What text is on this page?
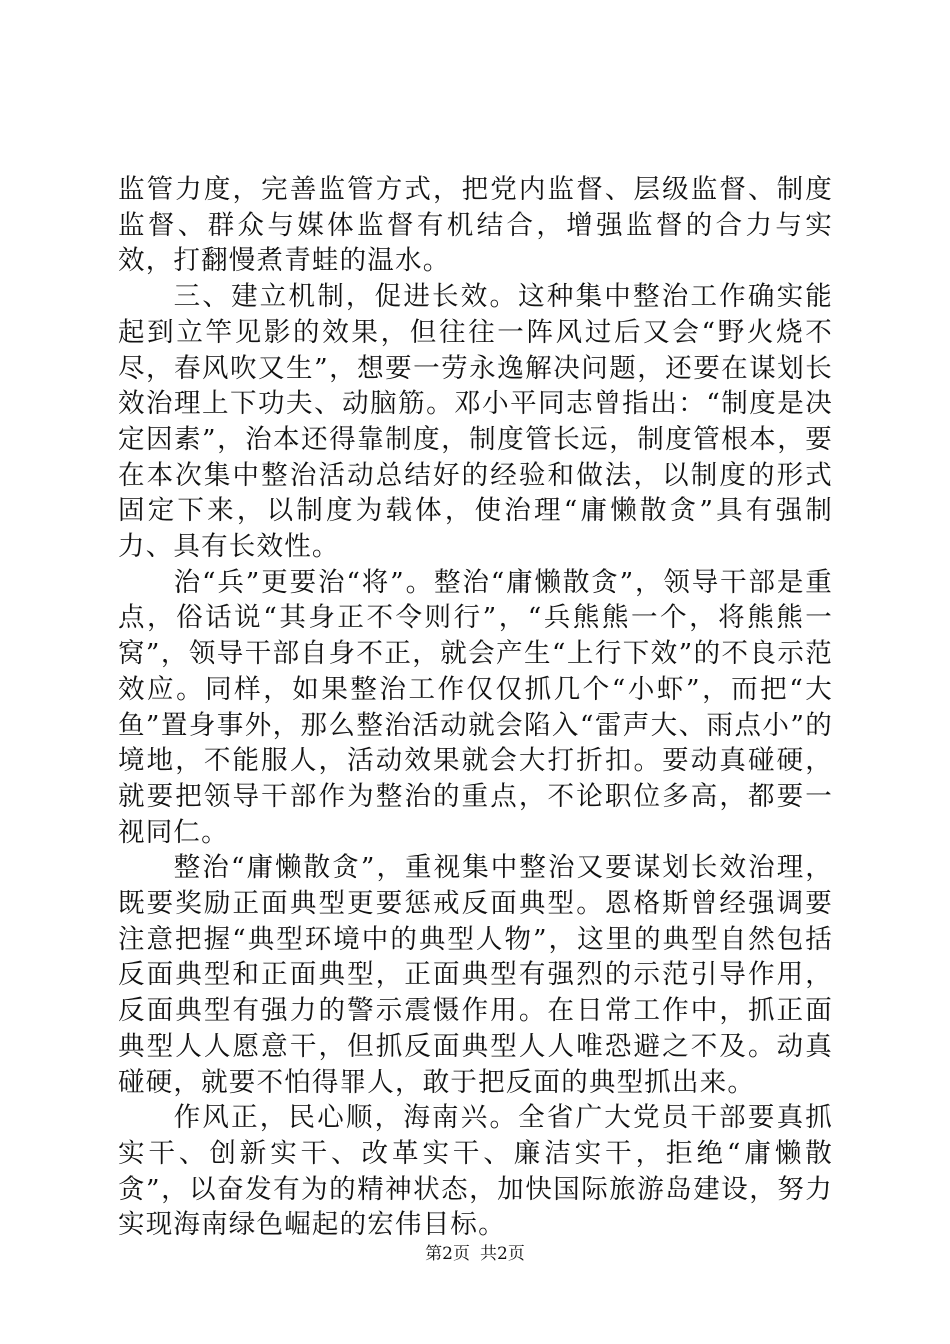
监管力度，完善监管方式，把党内监督、层级监督、制度监督、群众与媒体监督有机结合，增强监督的合力与实效，打翻慢煮青蛙的温水。

三、建立机制，促进长效。这种集中整治工作确实能起到立竿见影的效果，但往往一阵风过后又会“野火烧不尽，春风吹又生”，想要一劳永逸解决问题，还要在谋划长效治理上下功夫、动脑筋。邓小平同志曾指出：“制度是决定因素”，治本还得靠制度，制度管长远，制度管根本，要在本次集中整治活动总结好的经验和做法，以制度的形式固定下来，以制度为载体，使治理“庸懒散贪”具有强制力、具有长效性。

治“兵”更要治“将”。整治“庸懒散贪”，领导干部是重点，俗话说“其身正不令则行”，“兵熊熊一个，将熊熊一窝”，领导干部自身不正，就会产生“上行下效”的不良示范效应。同样，如果整治工作仅仅抓几个“小虾”，而把“大鱼”置身事外，那么整治活动就会陷入“雷声大、雨点小”的境地，不能服人，活动效果就会大打折扣。要动真碰硬，就要把领导干部作为整治的重点，不论职位多高，都要一视同仁。

整治“庸懒散贪”，重视集中整治又要谋划长效治理，既要奖励正面典型更要惩戒反面典型。恩格斯曾经强调要注意把握“典型环境中的典型人物”，这里的典型自然包括反面典型和正面典型，正面典型有强烈的示范引导作用，反面典型有强力的警示震慑作用。在日常工作中，抓正面典型人人愿意干，但抓反面典型人人唯恐避之不及。动真碰硬，就要不怕得罪人，敢于把反面的典型抓出来。

作风正，民心顺，海南兴。全省广大党员干部要真抓实干、创新实干、改革实干、廉洁实干，拒绝“庸懒散贪”，以奋发有为的精神状态，加快国际旅游岛建设，努力实现海南绿色崛起的宏伟目标。

第2页 共2页
